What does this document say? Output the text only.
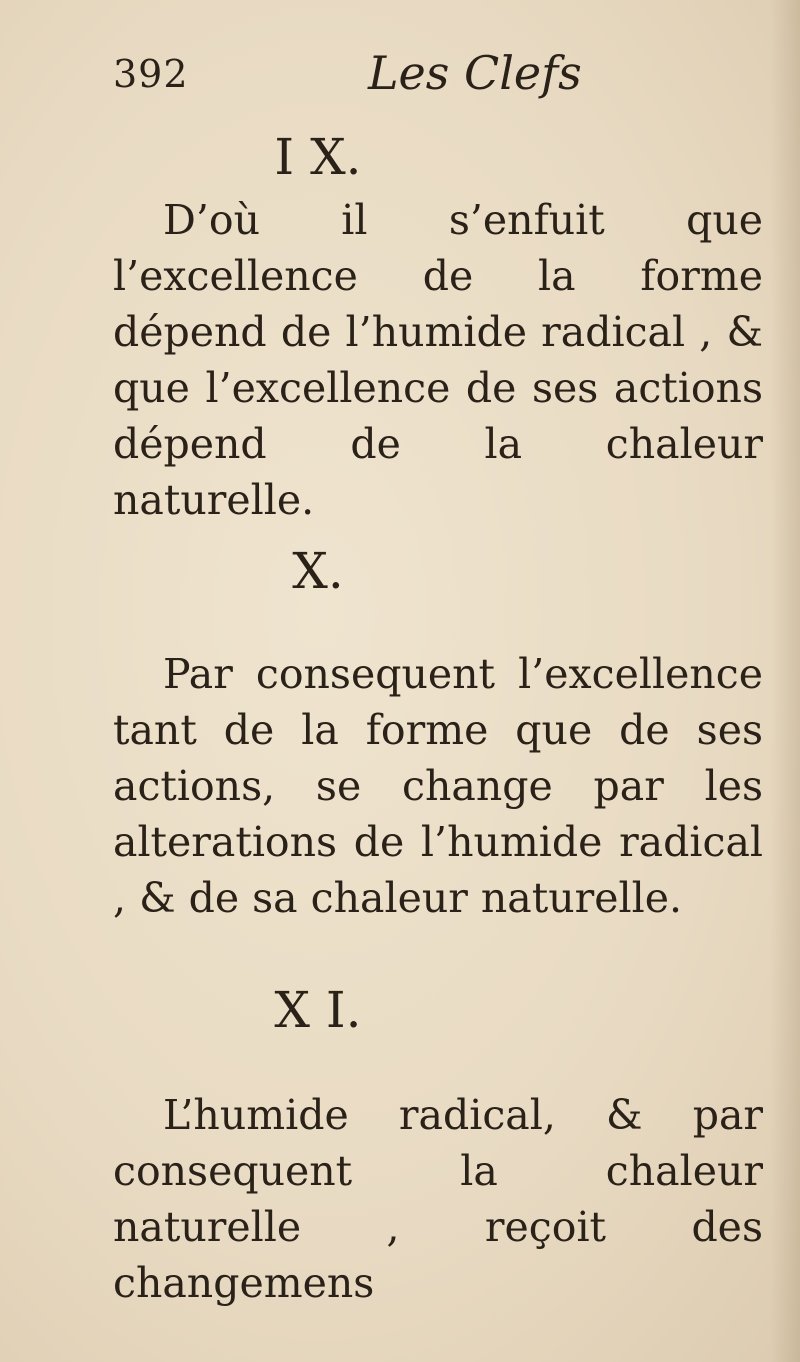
392	Les Clefs
I X.

D’où il s’enfuit que l’excellence de la forme dépend de l’humide radical , & que l’excellence de ses actions dépend de la chaleur naturelle.

X.

Par consequent l’excellence tant de la forme que de ses actions, se change par les alterations de l’humide radical , & de sa chaleur naturelle.

X I.

L’humide radical, & par consequent la chaleur naturelle , reçoit des changemens
